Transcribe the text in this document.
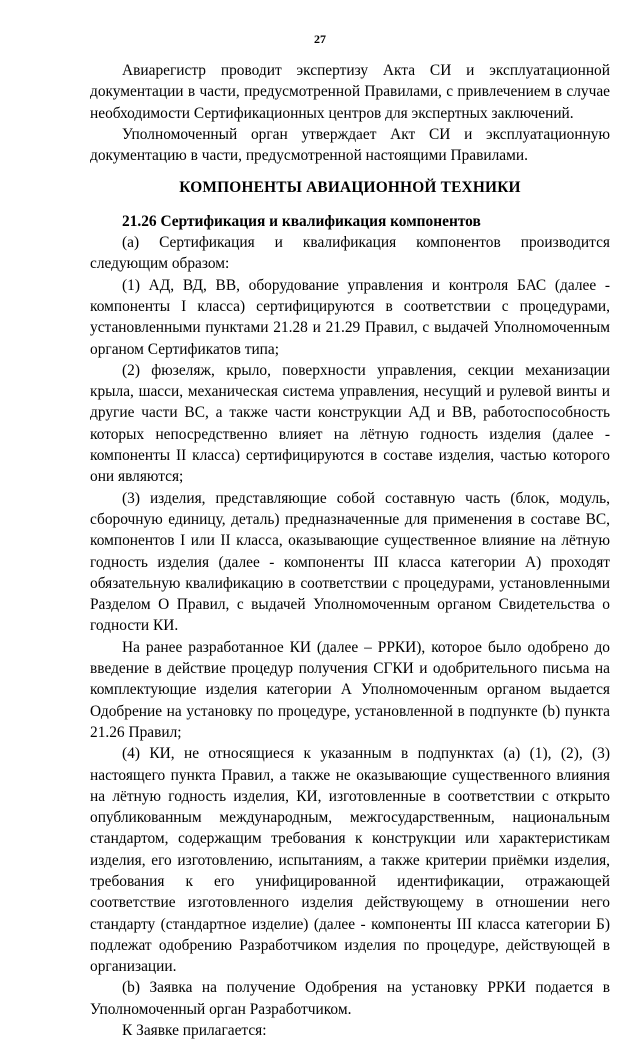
27

Авиарегистр проводит экспертизу Акта СИ и эксплуатационной документации в части, предусмотренной Правилами, с привлечением в случае необходимости Сертификационных центров для экспертных заключений.

Уполномоченный орган утверждает Акт СИ и эксплуатационную документацию в части, предусмотренной настоящими Правилами.

КОМПОНЕНТЫ АВИАЦИОННОЙ ТЕХНИКИ
21.26 Сертификация и квалификация компонентов

(а) Сертификация и квалификация компонентов производится следующим образом:

(1) АД, ВД, ВВ, оборудование управления и контроля БАС (далее - компоненты I класса) сертифицируются в соответствии с процедурами, установленными пунктами 21.28 и 21.29 Правил, с выдачей Уполномоченным органом Сертификатов типа;

(2) фюзеляж, крыло, поверхности управления, секции механизации крыла, шасси, механическая система управления, несущий и рулевой винты и другие части ВС, а также части конструкции АД и ВВ, работоспособность которых непосредственно влияет на лётную годность изделия (далее - компоненты II класса) сертифицируются в составе изделия, частью которого они являются;

(3) изделия, представляющие собой составную часть (блок, модуль, сборочную единицу, деталь) предназначенные для применения в составе ВС, компонентов I или II класса, оказывающие существенное влияние на лётную годность изделия (далее - компоненты III класса категории А) проходят обязательную квалификацию в соответствии с процедурами, установленными Разделом О Правил, с выдачей Уполномоченным органом Свидетельства о годности КИ.

На ранее разработанное КИ (далее – РРКИ), которое было одобрено до введение в действие процедур получения СГКИ и одобрительного письма на комплектующие изделия категории А Уполномоченным органом выдается Одобрение на установку по процедуре, установленной в подпункте (b) пункта 21.26 Правил;

(4) КИ, не относящиеся к указанным в подпунктах (а) (1), (2), (3) настоящего пункта Правил, а также не оказывающие существенного влияния на лётную годность изделия, КИ, изготовленные в соответствии с открыто опубликованным международным, межгосударственным, национальным стандартом, содержащим требования к конструкции или характеристикам изделия, его изготовлению, испытаниям, а также критерии приёмки изделия, требования к его унифицированной идентификации, отражающей соответствие изготовленного изделия действующему в отношении него стандарту (стандартное изделие) (далее - компоненты III класса категории Б) подлежат одобрению Разработчиком изделия по процедуре, действующей в организации.

(b) Заявка на получение Одобрения на установку РРКИ подается в Уполномоченный орган Разработчиком.

К Заявке прилагается:
